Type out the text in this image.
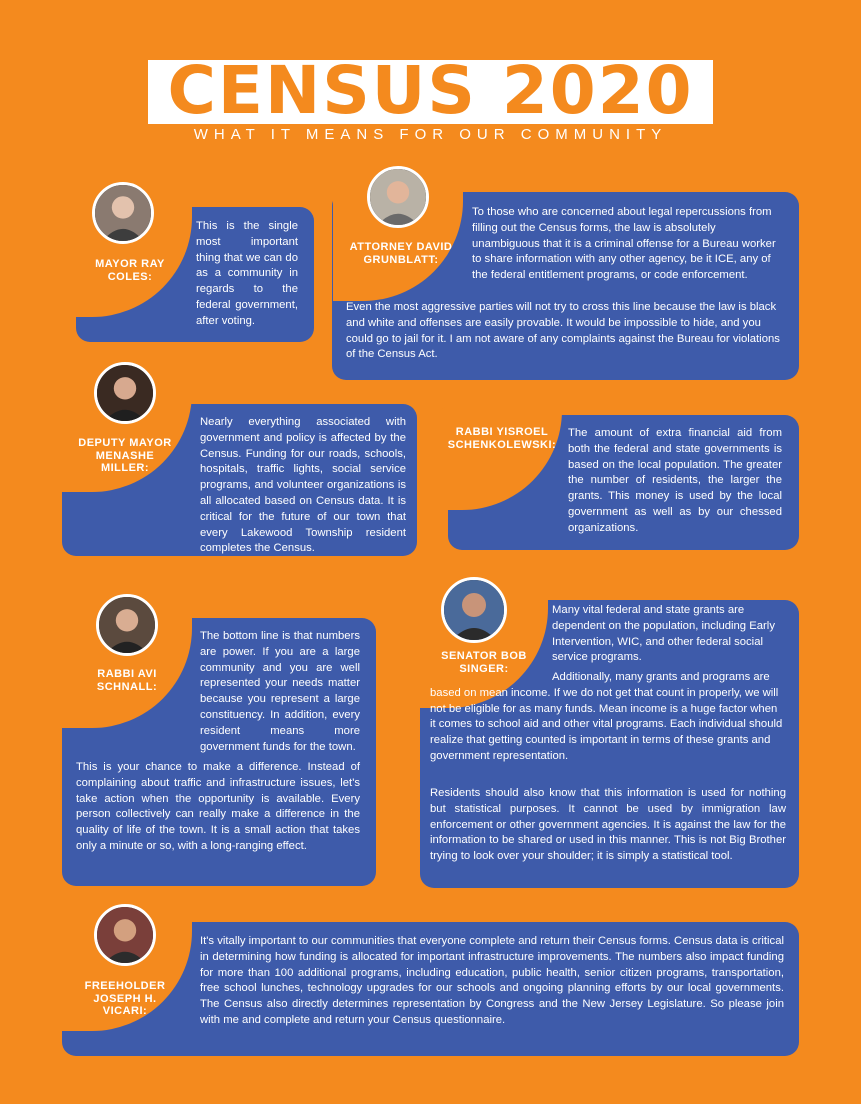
CENSUS 2020
WHAT IT MEANS FOR OUR COMMUNITY
MAYOR RAY COLES:
This is the single most important thing that we can do as a community in regards to the federal government, after voting.
ATTORNEY DAVID GRUNBLATT:
To those who are concerned about legal repercussions from filling out the Census forms, the law is absolutely unambiguous that it is a criminal offense for a Bureau worker to share information with any other agency, be it ICE, any of the federal entitlement programs, or code enforcement.
Even the most aggressive parties will not try to cross this line because the law is black and white and offenses are easily provable. It would be impossible to hide, and you could go to jail for it. I am not aware of any complaints against the Bureau for violations of the Census Act.
DEPUTY MAYOR MENASHE MILLER:
Nearly everything associated with government and policy is affected by the Census. Funding for our roads, schools, hospitals, traffic lights, social service programs, and volunteer organizations is all allocated based on Census data. It is critical for the future of our town that every Lakewood Township resident completes the Census.
RABBI YISROEL SCHENKOLEWSKI:
The amount of extra financial aid from both the federal and state governments is based on the local population. The greater the number of residents, the larger the grants. This money is used by the local government as well as by our chessed organizations.
RABBI AVI SCHNALL:
The bottom line is that numbers are power. If you are a large community and you are well represented your needs matter because you represent a large constituency. In addition, every resident means more government funds for the town.
This is your chance to make a difference. Instead of complaining about traffic and infrastructure issues, let's take action when the opportunity is available. Every person collectively can really make a difference in the quality of life of the town. It is a small action that takes only a minute or so, with a long-ranging effect.
SENATOR BOB SINGER:
Many vital federal and state grants are dependent on the population, including Early Intervention, WIC, and other federal social service programs.
Additionally, many grants and programs are based on mean income. If we do not get that count in properly, we will not be eligible for as many funds. Mean income is a huge factor when it comes to school aid and other vital programs. Each individual should realize that getting counted is important in terms of these grants and government representation.
Residents should also know that this information is used for nothing but statistical purposes. It cannot be used by immigration law enforcement or other government agencies. It is against the law for the information to be shared or used in this manner. This is not Big Brother trying to look over your shoulder; it is simply a statistical tool.
FREEHOLDER JOSEPH H. VICARI:
It's vitally important to our communities that everyone complete and return their Census forms. Census data is critical in determining how funding is allocated for important infrastructure improvements. The numbers also impact funding for more than 100 additional programs, including education, public health, senior citizen programs, transportation, free school lunches, technology upgrades for our schools and ongoing planning efforts by our local governments. The Census also directly determines representation by Congress and the New Jersey Legislature. So please join with me and complete and return your Census questionnaire.
